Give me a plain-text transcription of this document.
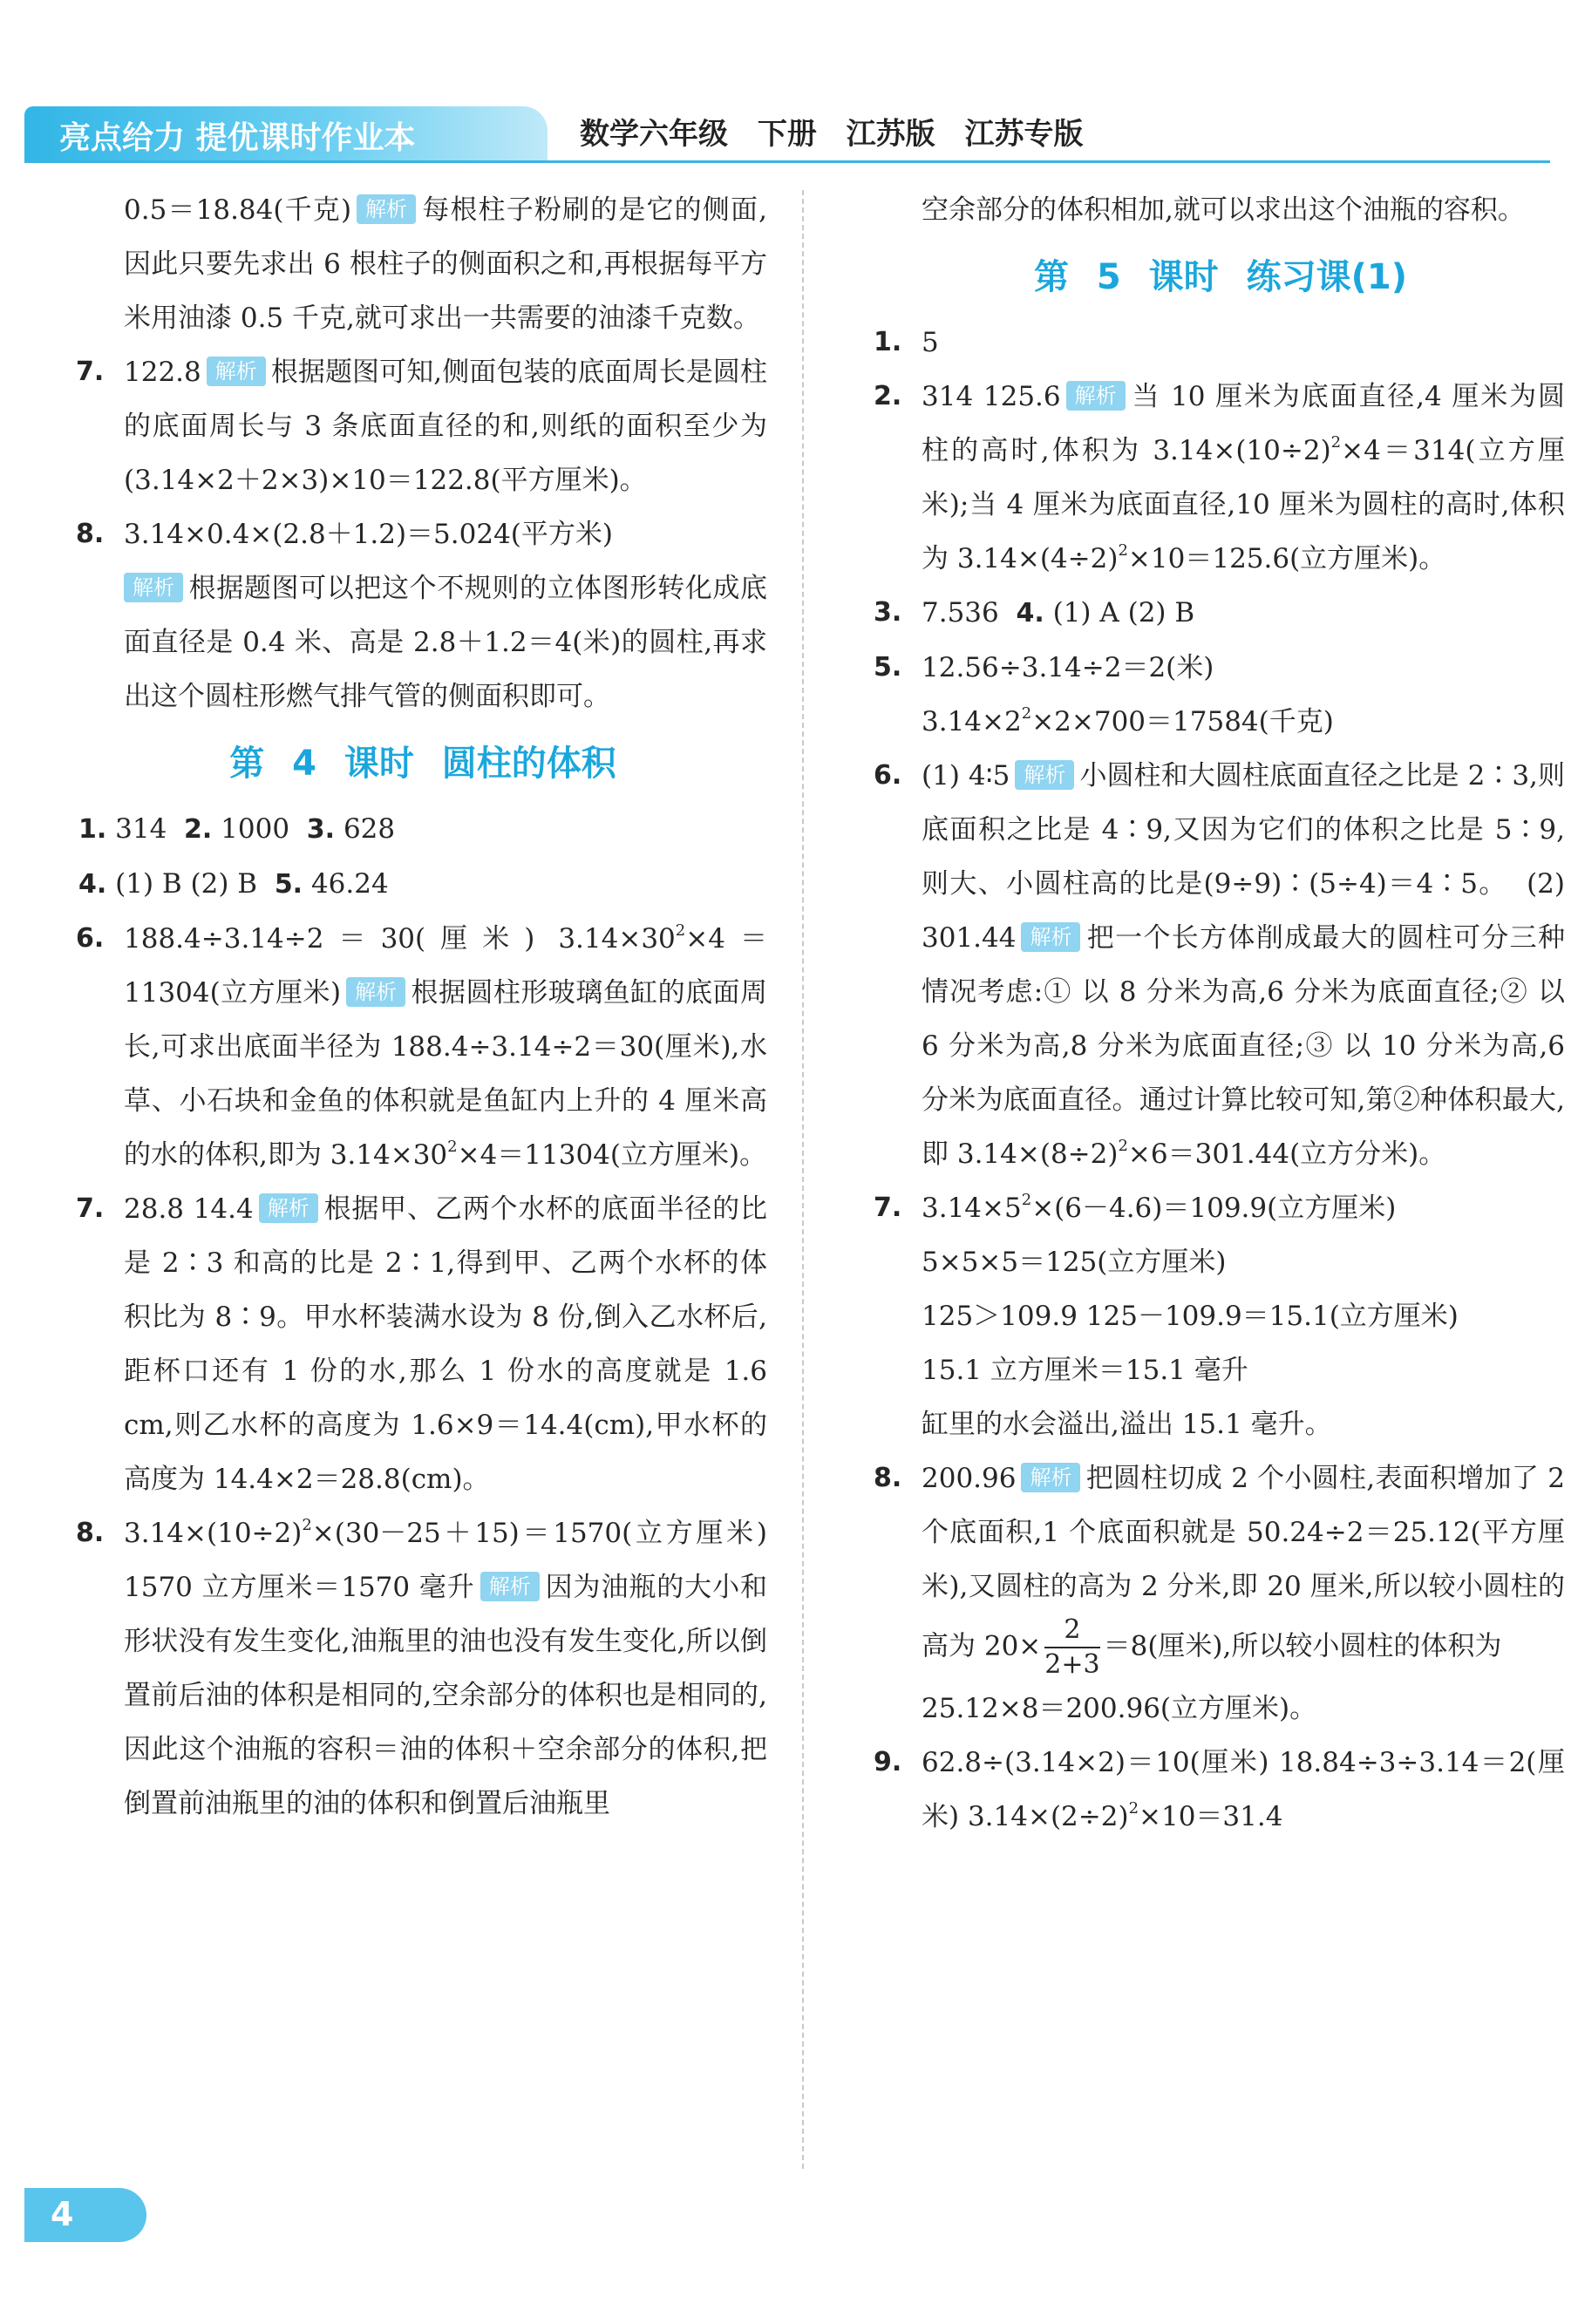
亮点给力 提优课时作业本	数学六年级 下册 江苏版 江苏专版

0.5＝18.84(千克) 解析 每根柱子粉刷的是它的侧面,因此只要先求出 6 根柱子的侧面积之和,再根据每平方米用油漆 0.5 千克,就可求出一共需要的油漆千克数。

7. 122.8 解析 根据题图可知,侧面包装的底面周长是圆柱的底面周长与 3 条底面直径的和,则纸的面积至少为(3.14×2＋2×3)×10＝122.8(平方厘米)。

8. 3.14×0.4×(2.8＋1.2)＝5.024(平方米)
解析 根据题图可以把这个不规则的立体图形转化成底面直径是 0.4 米、高是 2.8＋1.2＝4(米)的圆柱,再求出这个圆柱形燃气排气管的侧面积即可。

第 4 课时 圆柱的体积

1. 314 2. 1000 3. 628

4. (1) B (2) B 5. 46.24

6. 188.4÷3.14÷2＝30(厘米) $3.14\times 30^2\times 4=11304$(立方厘米) 解析 根据圆柱形玻璃鱼缸的底面周长,可求出底面半径为 188.4÷3.14÷2＝30(厘米),水草、小石块和金鱼的体积就是鱼缸内上升的 4 厘米高的水的体积,即为 $3.14\times 30^2\times 4=11304$(立方厘米)。

7. 28.8 14.4 解析 根据甲、乙两个水杯的底面半径的比是 2∶3 和高的比是 2∶1,得到甲、乙两个水杯的体积比为 8∶9。甲水杯装满水设为 8 份,倒入乙水杯后,距杯口还有 1 份的水,那么 1 份水的高度就是 1.6 cm,则乙水杯的高度为 1.6×9＝14.4(cm),甲水杯的高度为 14.4×2＝28.8(cm)。

8. $3.14\times(10\div 2)^2\times(30-25+15)=1570$(立方厘米) 1570 立方厘米＝1570 毫升 解析 因为油瓶的大小和形状没有发生变化,油瓶里的油也没有发生变化,所以倒置前后油的体积是相同的,空余部分的体积也是相同的,因此这个油瓶的容积＝油的体积＋空余部分的体积,把倒置前油瓶里的油的体积和倒置后油瓶里

空余部分的体积相加,就可以求出这个油瓶的容积。

第 5 课时 练习课(1)

1. 5

2. 314 125.6 解析 当 10 厘米为底面直径,4 厘米为圆柱的高时,体积为 $3.14\times(10\div 2)^2\times 4=314$(立方厘米);当 4 厘米为底面直径,10 厘米为圆柱的高时,体积为 $3.14\times(4\div 2)^2\times 10=125.6$(立方厘米)。

3. 7.536 4. (1) A (2) B

5. 12.56÷3.14÷2＝2(米)
$3.14\times 2^2\times 2\times 700=17584$(千克)

6. (1) 4∶5 解析 小圆柱和大圆柱底面直径之比是 2∶3,则底面积之比是 4∶9,又因为它们的体积之比是 5∶9,则大、小圆柱高的比是(9÷9)∶(5÷4)＝4∶5。 (2) 301.44 解析 把一个长方体削成最大的圆柱可分三种情况考虑:① 以 8 分米为高,6 分米为底面直径;② 以 6 分米为高,8 分米为底面直径;③ 以 10 分米为高,6 分米为底面直径。通过计算比较可知,第②种体积最大,即 $3.14\times(8\div 2)^2\times 6=301.44$(立方分米)。

7. $3.14\times 5^2\times(6-4.6)=109.9$(立方厘米)
5×5×5＝125(立方厘米)
125＞109.9 125－109.9＝15.1(立方厘米)
15.1 立方厘米＝15.1 毫升
缸里的水会溢出,溢出 15.1 毫升。

8. 200.96 解析 把圆柱切成 2 个小圆柱,表面积增加了 2 个底面积,1 个底面积就是 50.24÷2＝25.12(平方厘米),又圆柱的高为 2 分米,即 20 厘米,所以较小圆柱的高为 $20\times \frac{2}{2+3} =8$(厘米),所以较小圆柱的体积为
25.12×8＝200.96(立方厘米)。

9. 62.8÷(3.14×2)＝10(厘米) 18.84÷3÷3.14＝2(厘米) $3.14\times(2\div 2)^2\times 10=31.4$

4
